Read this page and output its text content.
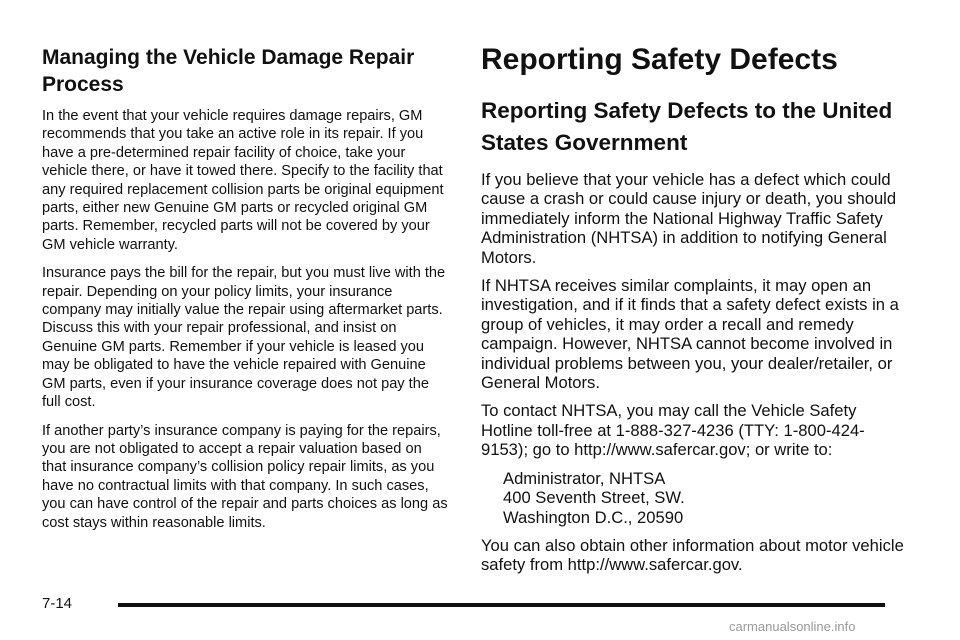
Managing the Vehicle Damage Repair Process

In the event that your vehicle requires damage repairs, GM recommends that you take an active role in its repair. If you have a pre-determined repair facility of choice, take your vehicle there, or have it towed there. Specify to the facility that any required replacement collision parts be original equipment parts, either new Genuine GM parts or recycled original GM parts. Remember, recycled parts will not be covered by your GM vehicle warranty.

Insurance pays the bill for the repair, but you must live with the repair. Depending on your policy limits, your insurance company may initially value the repair using aftermarket parts. Discuss this with your repair professional, and insist on Genuine GM parts. Remember if your vehicle is leased you may be obligated to have the vehicle repaired with Genuine GM parts, even if your insurance coverage does not pay the full cost.

If another party’s insurance company is paying for the repairs, you are not obligated to accept a repair valuation based on that insurance company’s collision policy repair limits, as you have no contractual limits with that company. In such cases, you can have control of the repair and parts choices as long as cost stays within reasonable limits.

Reporting Safety Defects
Reporting Safety Defects to the United States Government

If you believe that your vehicle has a defect which could cause a crash or could cause injury or death, you should immediately inform the National Highway Traffic Safety Administration (NHTSA) in addition to notifying General Motors.

If NHTSA receives similar complaints, it may open an investigation, and if it finds that a safety defect exists in a group of vehicles, it may order a recall and remedy campaign. However, NHTSA cannot become involved in individual problems between you, your dealer/retailer, or General Motors.

To contact NHTSA, you may call the Vehicle Safety Hotline toll-free at 1-888-327-4236 (TTY: 1-800-424-9153); go to http://www.safercar.gov; or write to:

Administrator, NHTSA
400 Seventh Street, SW.
Washington D.C., 20590

You can also obtain other information about motor vehicle safety from http://www.safercar.gov.

7-14
carmanualsonline.info
